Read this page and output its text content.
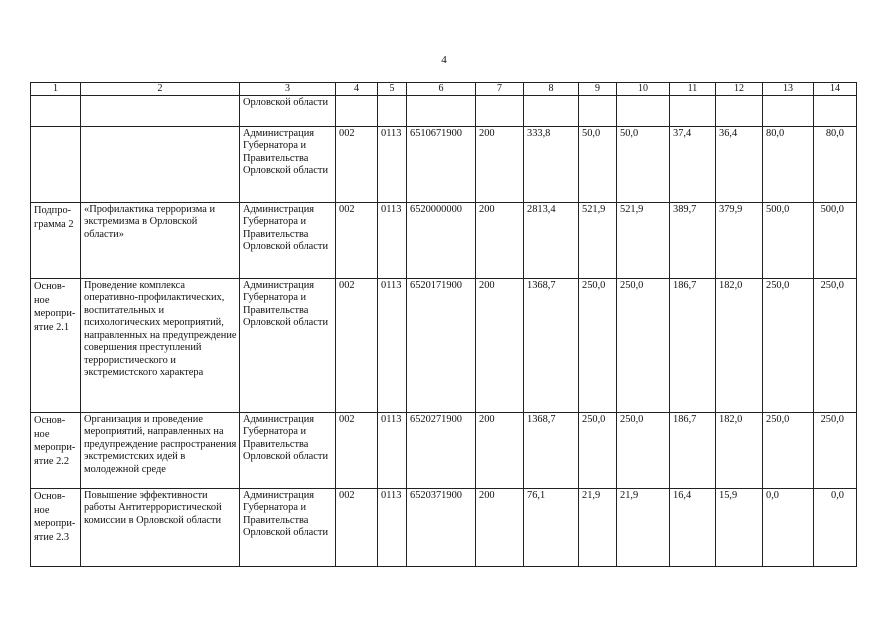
4
1	2	3	4	5	6	7	8	9	10	11	12	13	14
		Орловской области											
		Администрация Губернатора и Правительства Орловской области	002	0113	6510671900	200	333,8	50,0	50,0	37,4	36,4	80,0	80,0
Подпро-грамма 2	«Профилактика терроризма и экстремизма в Орловской области»	Администрация Губернатора и Правительства Орловской области	002	0113	6520000000	200	2813,4	521,9	521,9	389,7	379,9	500,0	500,0
Основ-ное меропри-ятие 2.1	Проведение комплекса оперативно-профилактических, воспитательных и психологических мероприятий, направленных на предупреждение совершения преступлений террористического и экстремистского характера	Администрация Губернатора и Правительства Орловской области	002	0113	6520171900	200	1368,7	250,0	250,0	186,7	182,0	250,0	250,0
Основ-ное меропри-ятие 2.2	Организация и проведение мероприятий, направленных на предупреждение распространения экстремистских идей в молодежной среде	Администрация Губернатора и Правительства Орловской области	002	0113	6520271900	200	1368,7	250,0	250,0	186,7	182,0	250,0	250,0
Основ-ное меропри-ятие 2.3	Повышение эффективности работы Антитеррористической комиссии в Орловской области	Администрация Губернатора и Правительства Орловской области	002	0113	6520371900	200	76,1	21,9	21,9	16,4	15,9	0,0	0,0
